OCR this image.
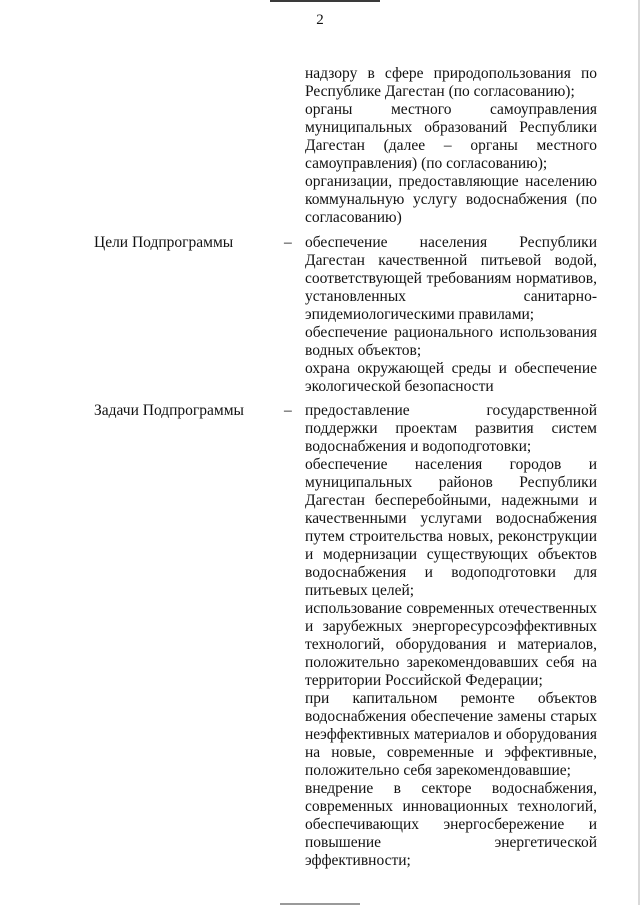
2

надзору в сфере природопользования по Республике Дагестан (по согласованию);

органы местного самоуправления муниципальных образований Республики Дагестан (далее – органы местного самоуправления) (по согласованию);

организации, предоставляющие населению коммунальную услугу водоснабжения (по согласованию)

Цели Подпрограммы	– обеспечение населения Республики Дагестан качественной питьевой водой, соответствующей требованиям нормативов, установленных санитарно-эпидемиологическими правилами;

обеспечение рационального использования водных объектов;

охрана окружающей среды и обеспечение экологической безопасности

Задачи Подпрограммы	– предоставление государственной поддержки проектам развития систем водоснабжения и водоподготовки;

обеспечение населения городов и муниципальных районов Республики Дагестан бесперебойными, надежными и качественными услугами водоснабжения путем строительства новых, реконструкции и модернизации существующих объектов водоснабжения и водоподготовки для питьевых целей;

использование современных отечественных и зарубежных энергоресурсоэффективных технологий, оборудования и материалов, положительно зарекомендовавших себя на территории Российской Федерации;

при капитальном ремонте объектов водоснабжения обеспечение замены старых неэффективных материалов и оборудования на новые, современные и эффективные, положительно себя зарекомендовавшие;

внедрение в секторе водоснабжения, современных инновационных технологий, обеспечивающих энергосбережение и повышение энергетической эффективности;
